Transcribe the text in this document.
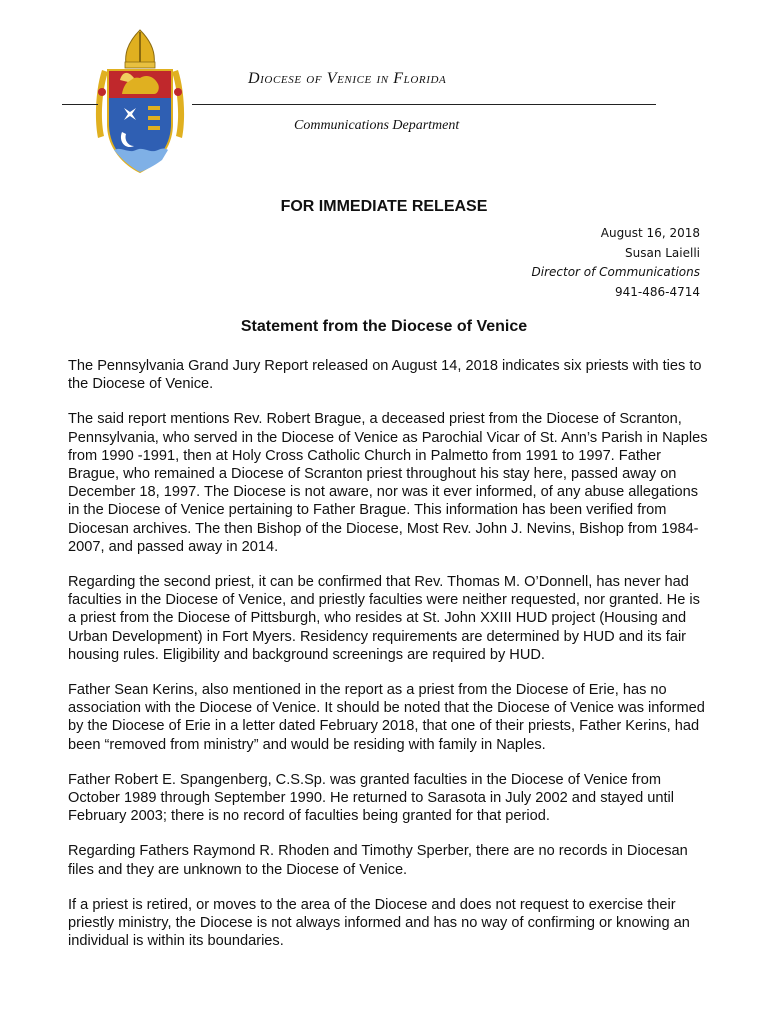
Diocese of Venice in Florida
Communications Department
FOR IMMEDIATE RELEASE
August 16, 2018
Susan Laielli
Director of Communications
941-486-4714
Statement from the Diocese of Venice

The Pennsylvania Grand Jury Report released on August 14, 2018 indicates six priests with ties to the Diocese of Venice.

The said report mentions Rev. Robert Brague, a deceased priest from the Diocese of Scranton, Pennsylvania, who served in the Diocese of Venice as Parochial Vicar of St. Ann’s Parish in Naples from 1990 -1991, then at Holy Cross Catholic Church in Palmetto from 1991 to 1997. Father Brague, who remained a Diocese of Scranton priest throughout his stay here, passed away on December 18, 1997. The Diocese is not aware, nor was it ever informed, of any abuse allegations in the Diocese of Venice pertaining to Father Brague. This information has been verified from Diocesan archives. The then Bishop of the Diocese, Most Rev. John J. Nevins, Bishop from 1984-2007, and passed away in 2014.

Regarding the second priest, it can be confirmed that Rev. Thomas M. O’Donnell, has never had faculties in the Diocese of Venice, and priestly faculties were neither requested, nor granted. He is a priest from the Diocese of Pittsburgh, who resides at St. John XXIII HUD project (Housing and Urban Development) in Fort Myers. Residency requirements are determined by HUD and its fair housing rules. Eligibility and background screenings are required by HUD.

Father Sean Kerins, also mentioned in the report as a priest from the Diocese of Erie, has no association with the Diocese of Venice. It should be noted that the Diocese of Venice was informed by the Diocese of Erie in a letter dated February 2018, that one of their priests, Father Kerins, had been “removed from ministry” and would be residing with family in Naples.

Father Robert E. Spangenberg, C.S.Sp. was granted faculties in the Diocese of Venice from October 1989 through September 1990. He returned to Sarasota in July 2002 and stayed until February 2003; there is no record of faculties being granted for that period.

Regarding Fathers Raymond R. Rhoden and Timothy Sperber, there are no records in Diocesan files and they are unknown to the Diocese of Venice.

If a priest is retired, or moves to the area of the Diocese and does not request to exercise their priestly ministry, the Diocese is not always informed and has no way of confirming or knowing an individual is within its boundaries.
